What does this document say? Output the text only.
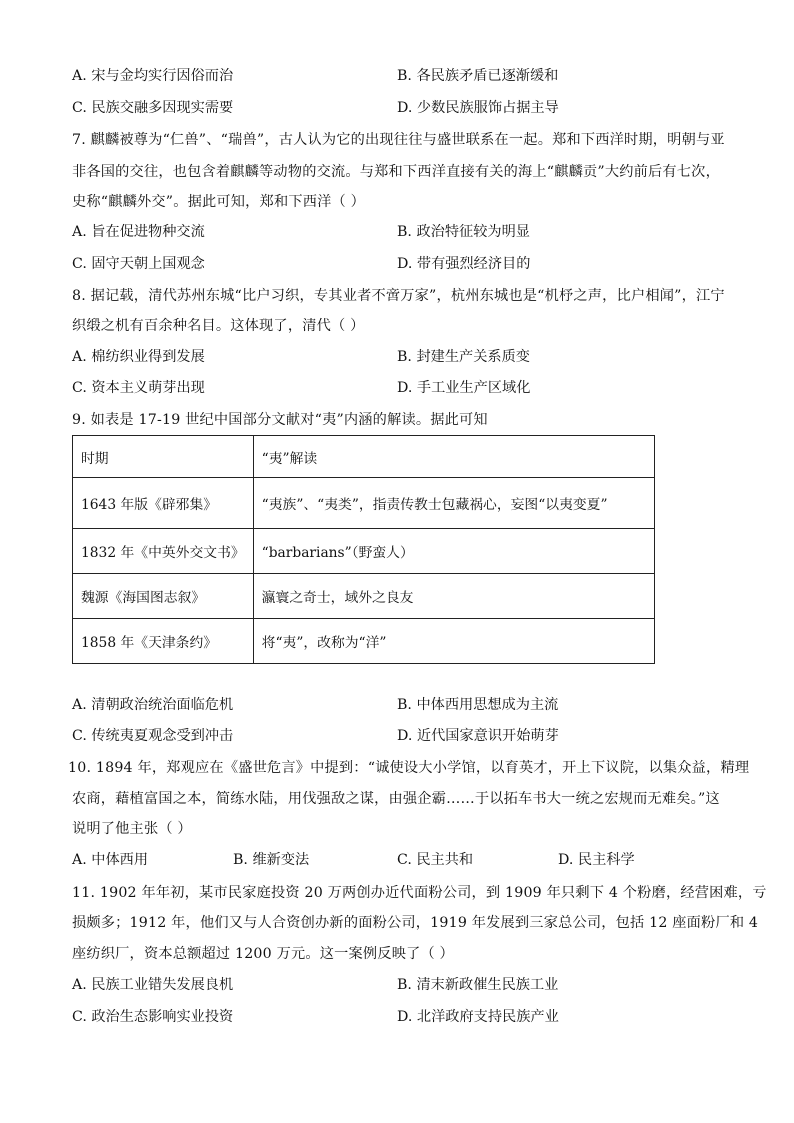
A. 宋与金均实行因俗而治	B. 各民族矛盾已逐渐缓和
C. 民族交融多因现实需要	D. 少数民族服饰占据主导
7. 麒麟被尊为“仁兽”、“瑞兽”，古人认为它的出现往往与盛世联系在一起。郑和下西洋时期，明朝与亚
非各国的交往，也包含着麒麟等动物的交流。与郑和下西洋直接有关的海上“麒麟贡”大约前后有七次，
史称“麒麟外交”。据此可知，郑和下西洋（ ）
A. 旨在促进物种交流	B. 政治特征较为明显
C. 固守天朝上国观念	D. 带有强烈经济目的
8. 据记载，清代苏州东城“比户习织，专其业者不啻万家”，杭州东城也是“机杼之声，比户相闻”，江宁
织缎之机有百余种名目。这体现了，清代（ ）
A. 棉纺织业得到发展	B. 封建生产关系质变
C. 资本主义萌芽出现	D. 手工业生产区域化
9. 如表是 17-19 世纪中国部分文献对“夷”内涵的解读。据此可知
时期	“夷”解读
1643 年版《辟邪集》	“夷族”、“夷类”，指责传教士包藏祸心，妄图“以夷变夏”
1832 年《中英外交文书》	“barbarians”（野蛮人）
魏源《海国图志叙》	瀛寰之奇士，域外之良友
1858 年《天津条约》	将“夷”，改称为“洋”
A. 清朝政治统治面临危机	B. 中体西用思想成为主流
C. 传统夷夏观念受到冲击	D. 近代国家意识开始萌芽
10. 1894 年，郑观应在《盛世危言》中提到：“诚使设大小学馆，以育英才，开上下议院，以集众益，精理
农商，藉植富国之本，简练水陆，用伐强敌之谋，由强企霸……于以拓车书大一统之宏规而无难矣。”这
说明了他主张（ ）
A. 中体西用	B. 维新变法	C. 民主共和	D. 民主科学
11. 1902 年年初，某市民家庭投资 20 万两创办近代面粉公司，到 1909 年只剩下 4 个粉磨，经营困难，亏
损颇多；1912 年，他们又与人合资创办新的面粉公司，1919 年发展到三家总公司，包括 12 座面粉厂和 4
座纺织厂，资本总额超过 1200 万元。这一案例反映了（ ）
A. 民族工业错失发展良机	B. 清末新政催生民族工业
C. 政治生态影响实业投资	D. 北洋政府支持民族产业
